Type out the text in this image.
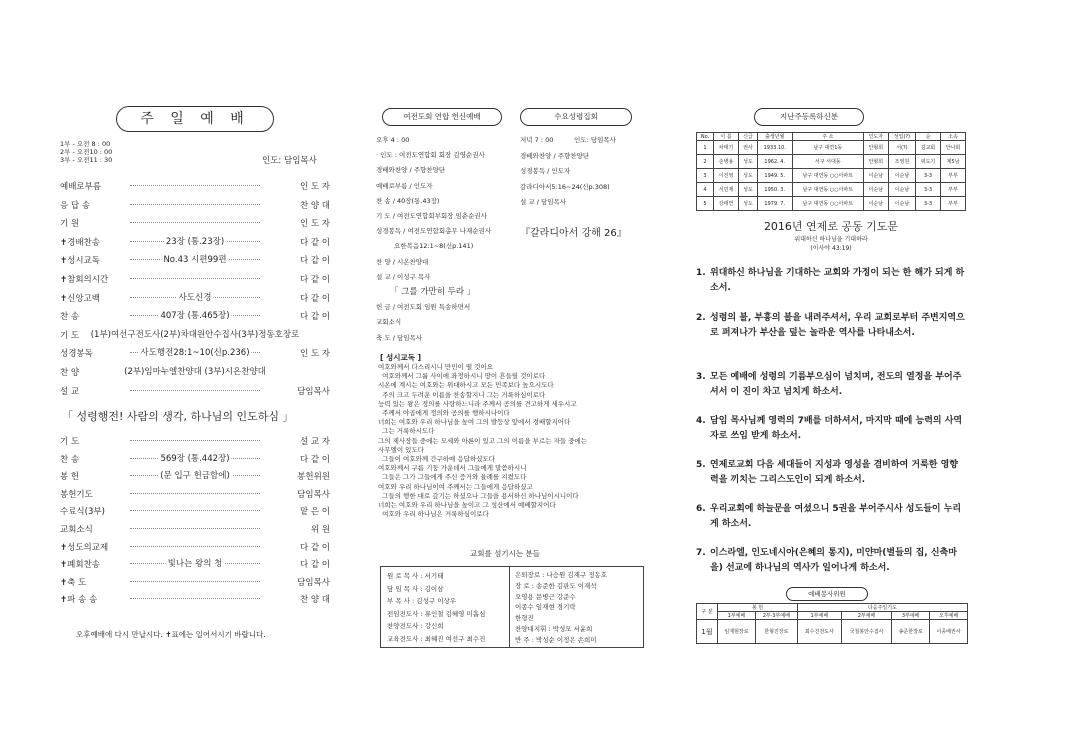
주 일 예 배
1부 - 오전 8 : 00
2부 - 오전10 : 00
3부 - 오전11 : 30	인도: 담임목사
예배로부름	인 도 자
응 답 송	찬 양 대
기 원	인 도 자
✝경배찬송	23장 (통.23장)	다 같 이
✝성시교독	No.43 시편99편	다 같 이
✝참회의시간	다 같 이
✝신앙고백	사도신경	다 같 이
찬 송	407장 (통.465장)	다 같 이
기 도 (1부)여선구전도사(2부)차대원안수집사(3부)정동호장로
성경봉독	사도행전28:1~10(신p.236)	인 도 자
찬 양	(2부)임마누엘찬양대 (3부)시온찬양대
설 교	담임목사
「 성령행전! 사람의 생각, 하나님의 인도하심 」
기 도	설 교 자
찬 송	569장 (통.442장)	다 같 이
봉 헌	(문 입구 헌금함에)	봉헌위원
봉헌기도	담임목사
수료식(3부)	맡 은 이
교회소식	위 원
✝성도의교제	다 같 이
✝폐회찬송	빛나는 왕의 청	다 같 이
✝축 도	담임목사
✝파 송 송	찬 양 대
오후예배에 다시 만납시다. ✝표에는 일어서시기 바랍니다.
여전도회 연합 헌신예배	수요성령집회
오후 4 : 00
· 인도 : 여전도연합회 회장 김영순권사
경배와찬양 / 주향찬양단
예배로부름 / 인도자
찬 송 / 40장(통.43장)
기 도 / 여전도연합회부회장 임춘순권사
성경봉독 / 여전도연합회총무 나재순권사
요한복음12:1~8(신p.141)
찬 양 / 시온찬양대
설 교 / 이성구 목사
「 그를 가만히 두라 」
헌 금 / 여전도회 임원 특송하면서
교회소식
축 도 / 담임목사
저녁 7 : 00          인도: 담임목사
경배와찬양 / 주향찬양단
성경봉독 / 인도자
갈라디아서5:16~24(신p.308)
설 교 / 담임목사
『갈라디아서 강해 26』
[ 성시교독 ]
여호와께서 다스리시니 만민이 떨 것이요
여호와께서 그룹 사이에 좌정하시니 땅이 흔들릴 것이로다
시온에 계시는 여호와는 위대하시고 모든 민족보다 높으시도다
주의 크고 두려운 이름을 찬송할지니 그는 거룩하심이로다
능력 있는 왕은 정의를 사랑하느니라 주께서 공의를 견고하게 세우시고
주께서 야곱에게 정의와 공의를 행하시나이다
너희는 여호와 우리 하나님을 높여 그의 발등상 앞에서 경배할지어다
그는 거룩하시도다
그의 제사장들 중에는 모세와 아론이 있고 그의 이름을 부르는 자들 중에는
사무엘이 있도다
그들이 여호와께 간구하매 응답하셨도다
여호와께서 구름 기둥 가운데서 그들에게 말씀하시니
그들은 그가 그들에게 주신 증거와 율례를 지켰도다
여호와 우리 하나님이여 주께서는 그들에게 응답하셨고
그들의 행한 대로 갚기는 하셨으나 그들을 용서하신 하나님이시니이다
너희는 여호와 우리 하나님을 높이고 그 성산에서 예배할지어다
여호와 우리 하나님은 거룩하심이로다
교회를 섬기시는 분들
원 로 목 사 : 서기태
담 임 목 사 : 김이삼
부 목 사 : 김성구 이상우
전임전도사 : 류인철 김혜영 미홉심
찬양전도사 : 강신희
교육전도사 : 최혜진 여선구 최수진
은퇴장로 : 나승원 김재구 정동호
장 로 : 송준한 김판도 이재석
오영용 문병근 강준수
이종수 임재현 경기락
한형진
찬양대지휘 : 박성모 서윤희
반 주 : 박성순 이정은 손희미
지난주등록하신분
No.	이 름	신급	출생년월	주 소	인도자	성입(?)	순	소속
1	차태기	권사	1933.10.	남구 대연1동	안형희	서(?)	김교회	안나회
2	손병용	성도	1962. 4.	서구 서대동	안형희	조영원	위도기	제5남
3	이진영	성도	1949. 5.	남구 대연동 ○○아파트	이순남	이순남	3-3	부부
4	서민제	성도	1950. 3.	남구 대연동 ○○아파트	이순남	이순남	3-3	부부
5	강태연	성도	1979. 7.	남구 대연동 ○○아파트	이순남	이순남	3-3	부부
2016년 연제로 공동 기도문
위대하신 하나님을 기대하라
(이사야 43:19)
1. 위대하신 하나님을 기대하는 교회와 가정이 되는 한 해가 되게 하소서.
2. 성령의 불, 부흥의 불을 내려주셔서, 우리 교회로부터 주변지역으로 퍼져나가 부산을 덮는 놀라운 역사를 나타내소서.
3. 모든 예배에 성령의 기름부으심이 넘치며, 전도의 열정을 부어주셔서 이 진이 차고 넘치게 하소서.
4. 담임 목사님께 영력의 7배를 더하셔서, 마지막 때에 능력의 사역자로 쓰임 받게 하소서.
5. 연제로교회 다음 세대들이 지성과 영성을 겸비하여 거룩한 영향력을 끼치는 그리스도인이 되게 하소서.
6. 우리교회에 하늘문을 여셨으니 5권을 부어주시사 성도들이 누리게 하소서.
7. 이스라엘, 인도네시아(은혜의 통지), 미얀마(별들의 집, 신축마을) 선교에 하나님의 역사가 일어나게 하소서.
예배봉사위원
구 분	봉 헌		다음주일기도			
	1부예배	2부·3부예배	1부예배	2부예배	3부예배	오후예배
1월	임재현장로	한형진장로	최수진전도사	국철봉안수집사	송준한장로	이종배권사
